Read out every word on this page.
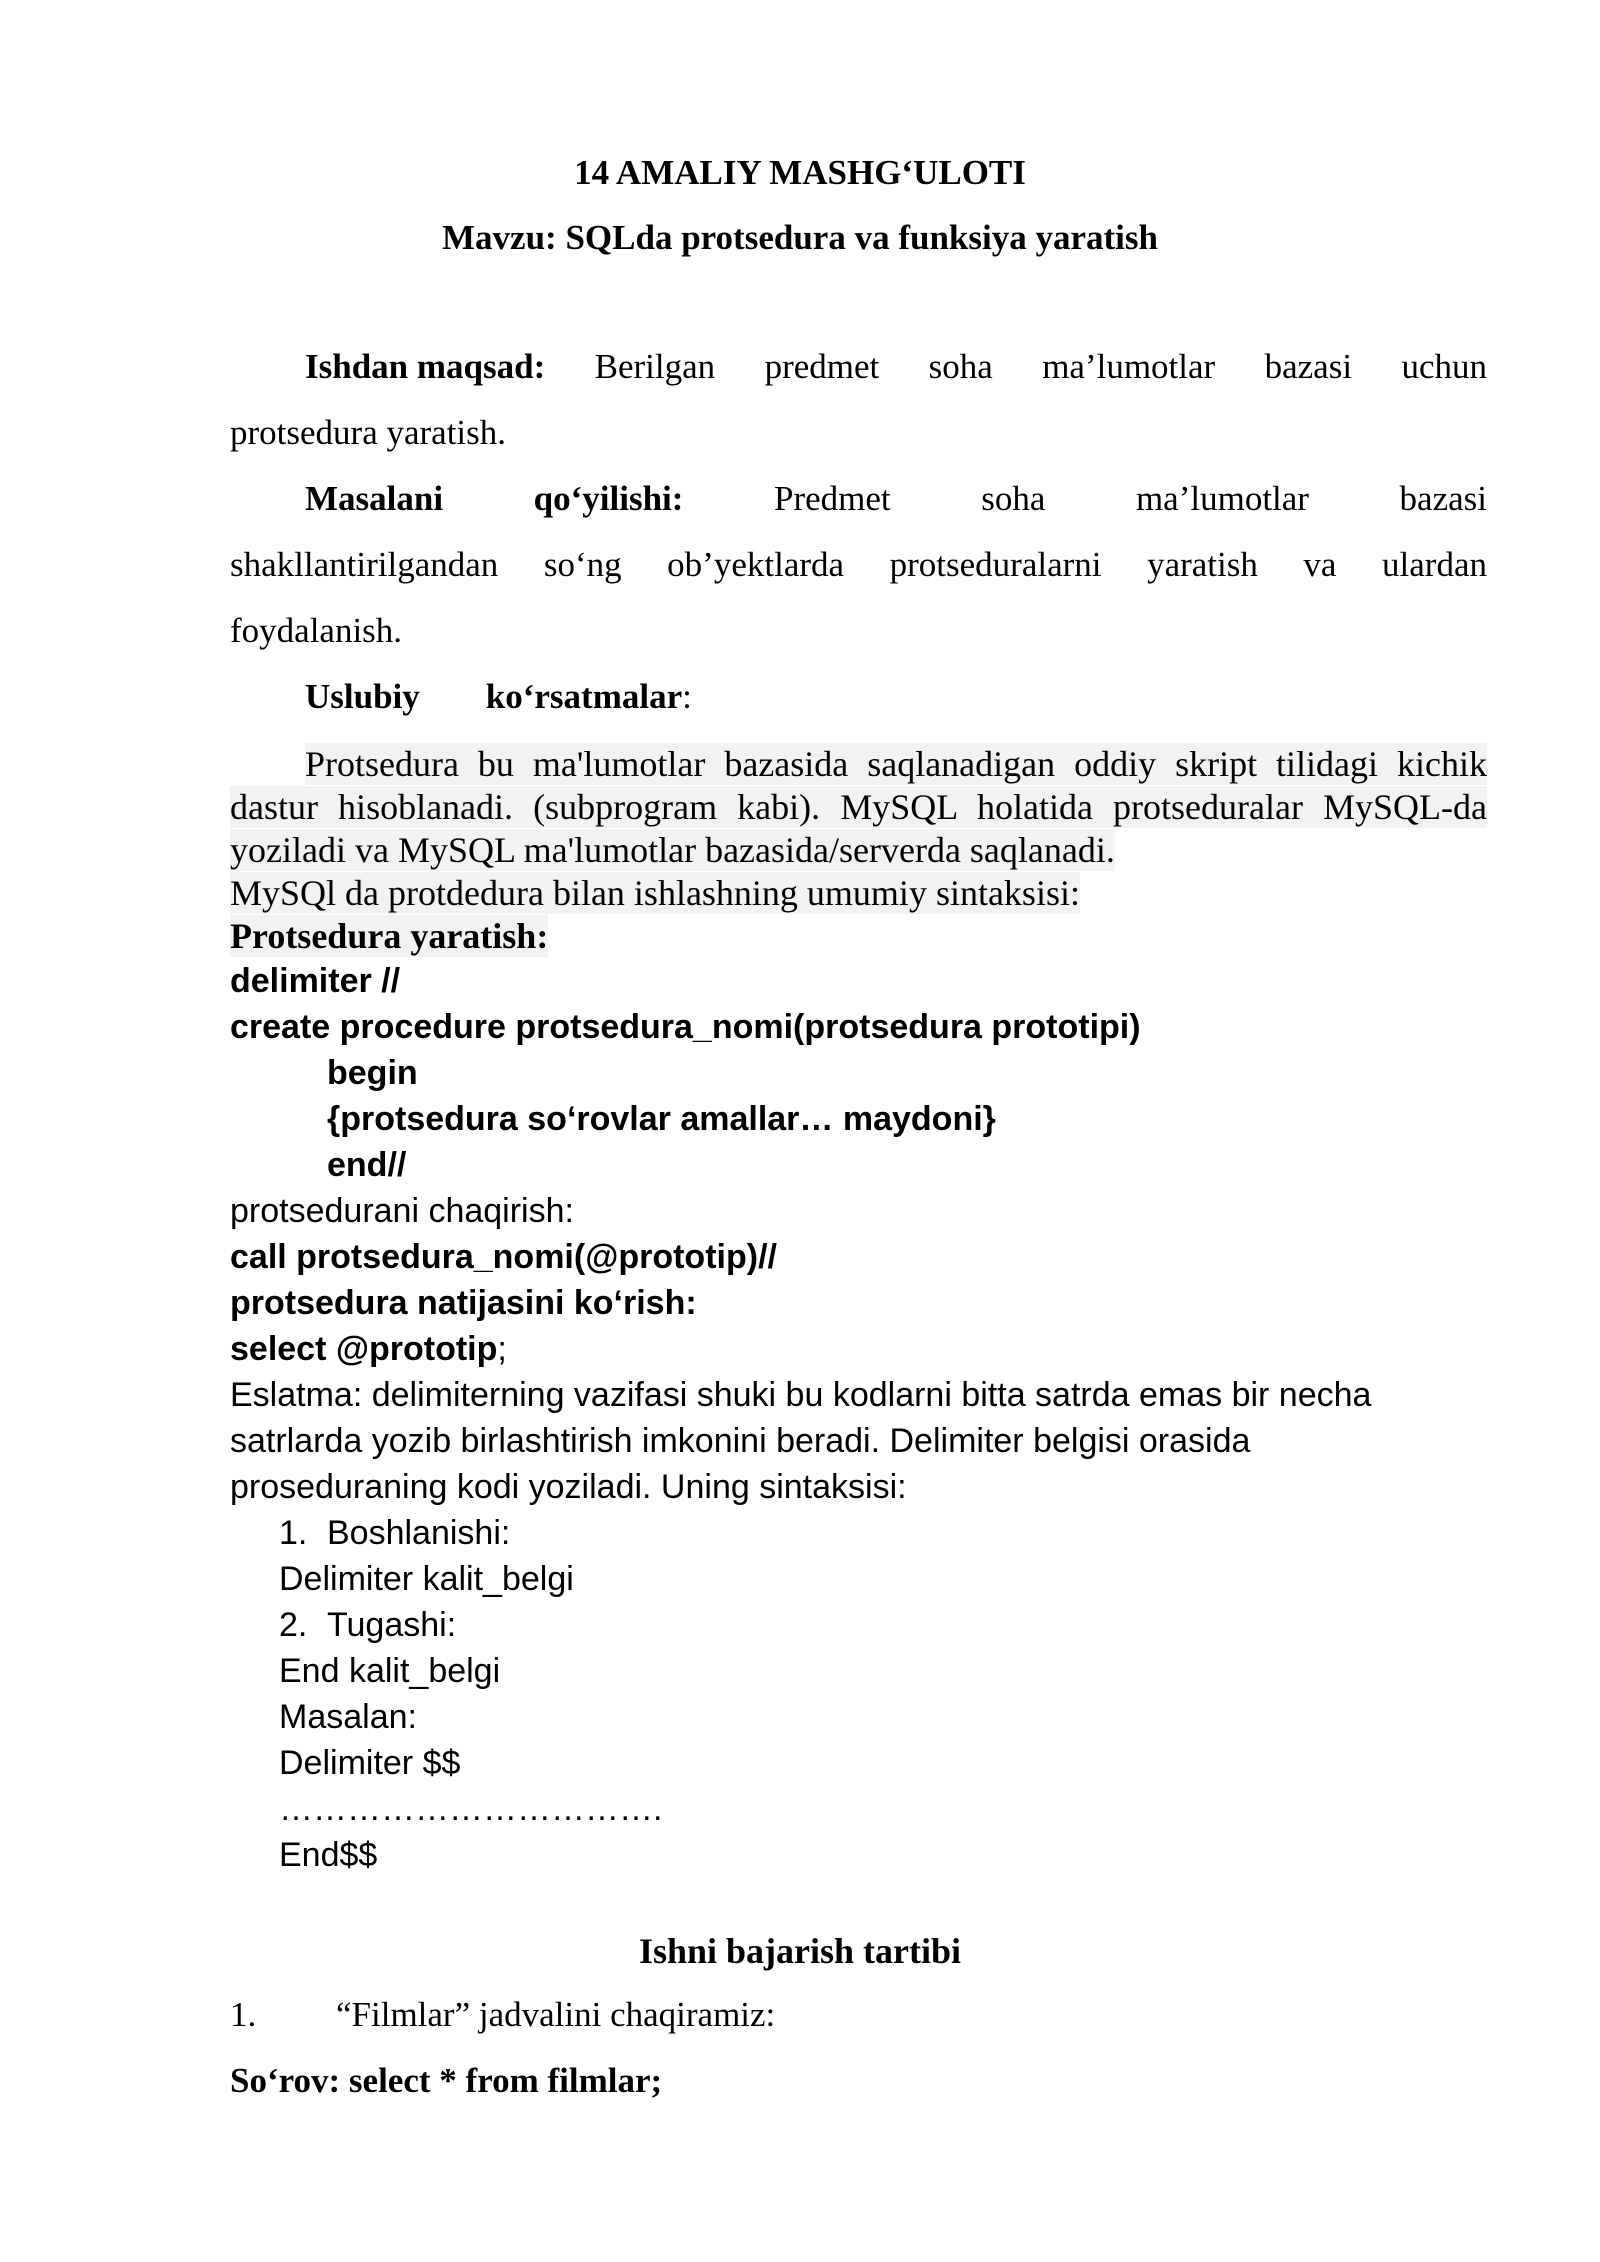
14 AMALIY MASHG‘ULOTI
Mavzu: SQLda protsedura va funksiya yaratish
Ishdan maqsad: Berilgan predmet soha ma’lumotlar bazasi uchun
protsedura yaratish.
Masalani	qo‘yilishi:	Predmet	soha	ma’lumotlar	bazasi
shakllantirilgandan so‘ng ob’yektlarda protseduralarni yaratish va ulardan
foydalanish.
Uslubiy ko‘rsatmalar:
Protsedura bu ma'lumotlar bazasida saqlanadigan oddiy skript tilidagi kichik
dastur hisoblanadi. (subprogram kabi). MySQL holatida protseduralar MySQL-da
yoziladi va MySQL ma'lumotlar bazasida/serverda saqlanadi.
MySQl da protdedura bilan ishlashning umumiy sintaksisi:
Protsedura yaratish:
delimiter //
create procedure protsedura_nomi(protsedura prototipi)
begin
{protsedura so‘rovlar amallar… maydoni}
end//
protsedurani chaqirish:
call protsedura_nomi(@prototip)//
protsedura natijasini ko‘rish:
select @prototip;
Eslatma: delimiterning vazifasi shuki bu kodlarni bitta satrda emas bir necha
satrlarda yozib birlashtirish imkonini beradi. Delimiter belgisi orasida
proseduraning kodi yoziladi. Uning sintaksisi:
1. Boshlanishi:
Delimiter kalit_belgi
2. Tugashi:
End kalit_belgi
Masalan:
Delimiter $$
…………………………….
End$$
Ishni bajarish tartibi
1. “Filmlar” jadvalini chaqiramiz:
So‘rov: select * from filmlar;
